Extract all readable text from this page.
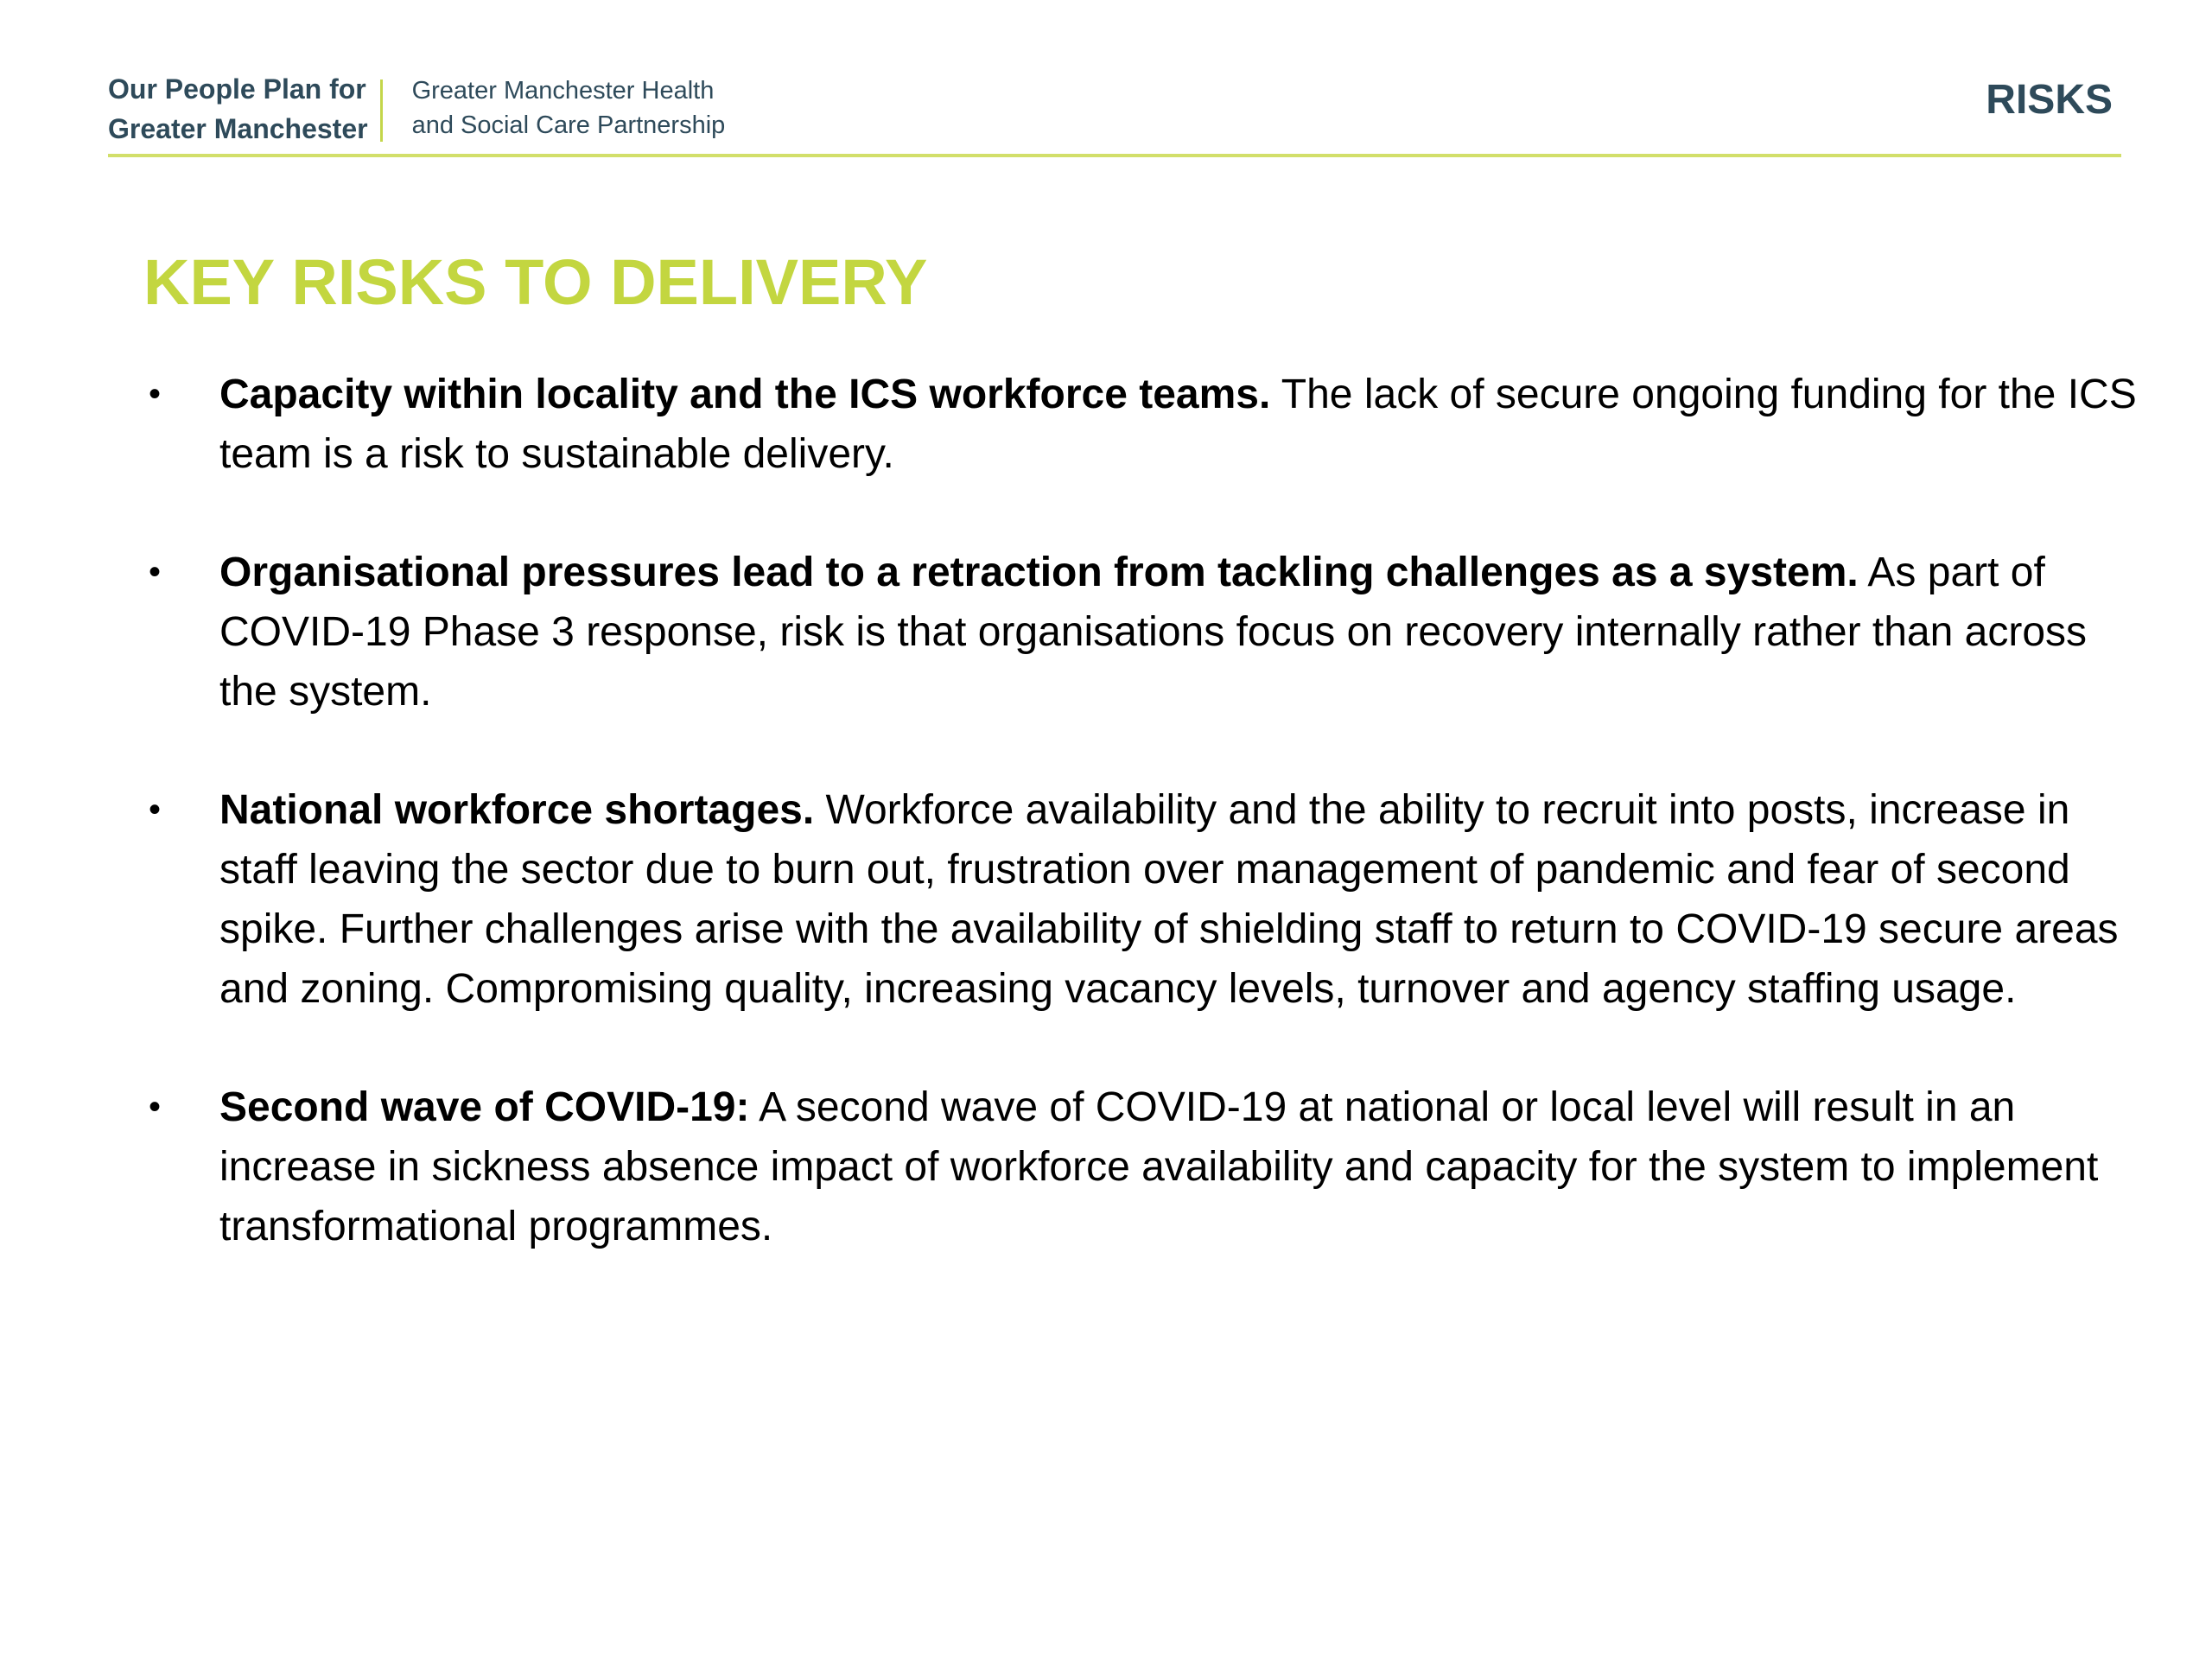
Our People Plan for
Greater Manchester
Greater Manchester Health
and Social Care Partnership
RISKS
KEY RISKS TO DELIVERY
•	Capacity within locality and the ICS workforce teams. The lack of secure ongoing funding for the ICS team is a risk to sustainable delivery.
•	Organisational pressures lead to a retraction from tackling challenges as a system. As part of COVID-19 Phase 3 response, risk is that organisations focus on recovery internally rather than across the system.
•	National workforce shortages. Workforce availability and the ability to recruit into posts, increase in staff leaving the sector due to burn out, frustration over management of pandemic and fear of second spike. Further challenges arise with the availability of shielding staff to return to COVID-19 secure areas and zoning. Compromising quality, increasing vacancy levels, turnover and agency staffing usage.
•	Second wave of COVID-19: A second wave of COVID-19 at national or local level will result in an increase in sickness absence impact of workforce availability and capacity for the system to implement transformational programmes.
